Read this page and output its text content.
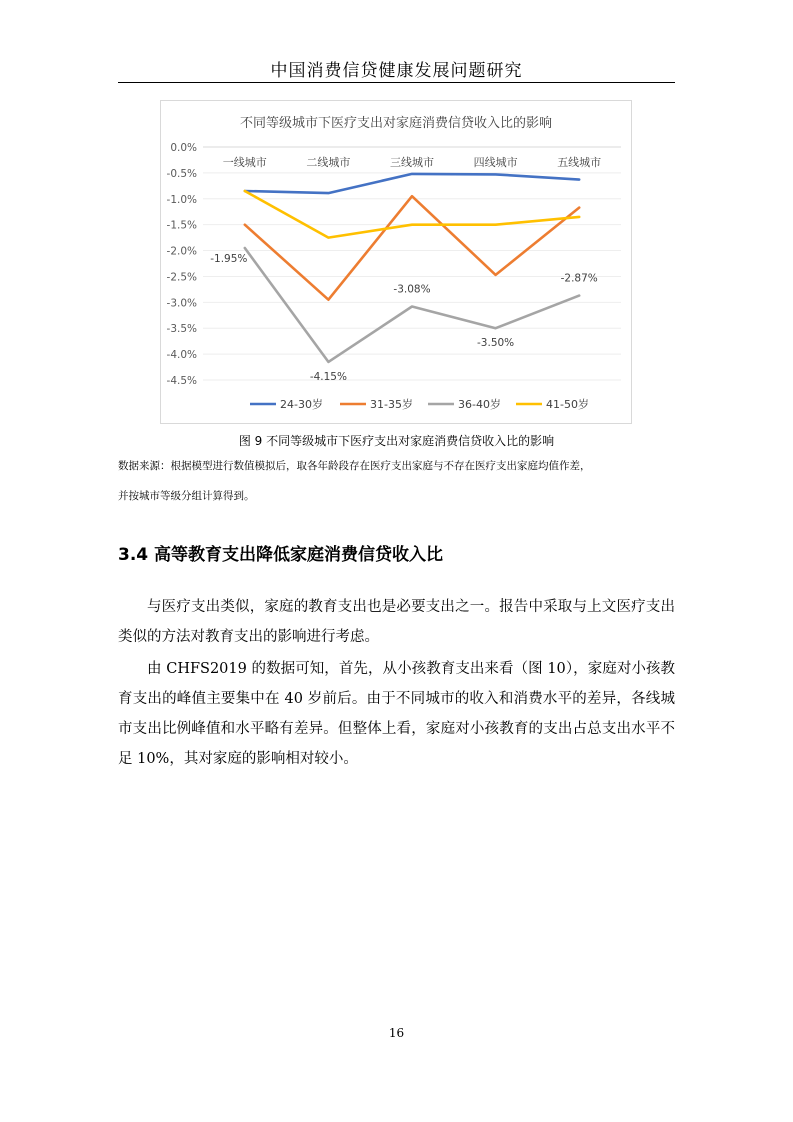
中国消费信贷健康发展问题研究
不同等级城市下医疗支出对家庭消费信贷收入比的影响
0.0%
-0.5%
-1.0%
-1.5%
-2.0%
-2.5%
-3.0%
-3.5%
-4.0%
-4.5%
一线城市	二线城市	三线城市	四线城市	五线城市
-1.95%
-4.15%
-3.08%
-3.50%
-2.87%
24-30岁	31-35岁	36-40岁	41-50岁
图 9 不同等级城市下医疗支出对家庭消费信贷收入比的影响
数据来源：根据模型进行数值模拟后，取各年龄段存在医疗支出家庭与不存在医疗支出家庭均值作差，
并按城市等级分组计算得到。
3.4 高等教育支出降低家庭消费信贷收入比
与医疗支出类似，家庭的教育支出也是必要支出之一。报告中采取与上文医疗支出类似的方法对教育支出的影响进行考虑。
由 CHFS2019 的数据可知，首先，从小孩教育支出来看（图 10），家庭对小孩教育支出的峰值主要集中在 40 岁前后。由于不同城市的收入和消费水平的差异，各线城市支出比例峰值和水平略有差异。但整体上看，家庭对小孩教育的支出占总支出水平不足 10%，其对家庭的影响相对较小。
16
